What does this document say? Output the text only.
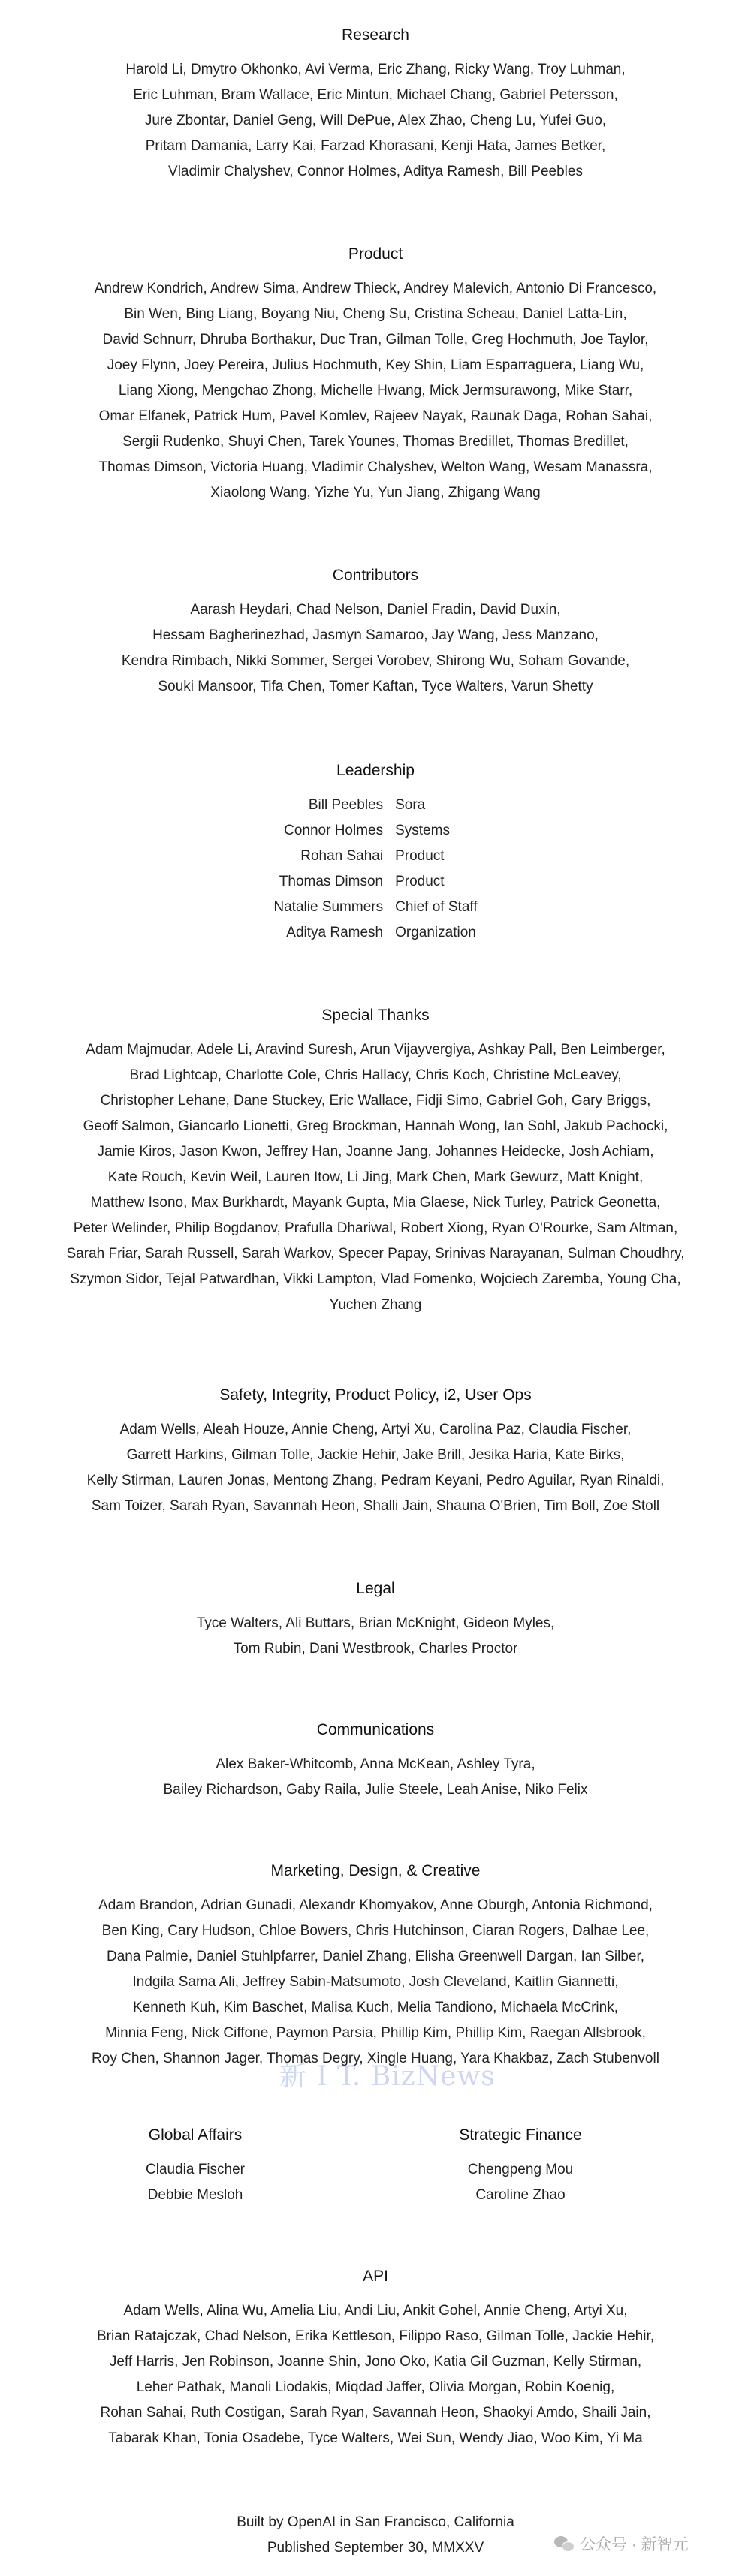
Research
Harold Li, Dmytro Okhonko, Avi Verma, Eric Zhang, Ricky Wang, Troy Luhman,
Eric Luhman, Bram Wallace, Eric Mintun, Michael Chang, Gabriel Petersson,
Jure Zbontar, Daniel Geng, Will DePue, Alex Zhao, Cheng Lu, Yufei Guo,
Pritam Damania, Larry Kai, Farzad Khorasani, Kenji Hata, James Betker,
Vladimir Chalyshev, Connor Holmes, Aditya Ramesh, Bill Peebles
Product
Andrew Kondrich, Andrew Sima, Andrew Thieck, Andrey Malevich, Antonio Di Francesco,
Bin Wen, Bing Liang, Boyang Niu, Cheng Su, Cristina Scheau, Daniel Latta-Lin,
David Schnurr, Dhruba Borthakur, Duc Tran, Gilman Tolle, Greg Hochmuth, Joe Taylor,
Joey Flynn, Joey Pereira, Julius Hochmuth, Key Shin, Liam Esparraguera, Liang Wu,
Liang Xiong, Mengchao Zhong, Michelle Hwang, Mick Jermsurawong, Mike Starr,
Omar Elfanek, Patrick Hum, Pavel Komlev, Rajeev Nayak, Raunak Daga, Rohan Sahai,
Sergii Rudenko, Shuyi Chen, Tarek Younes, Thomas Bredillet, Thomas Bredillet,
Thomas Dimson, Victoria Huang, Vladimir Chalyshev, Welton Wang, Wesam Manassra,
Xiaolong Wang, Yizhe Yu, Yun Jiang, Zhigang Wang
Contributors
Aarash Heydari, Chad Nelson, Daniel Fradin, David Duxin,
Hessam Bagherinezhad, Jasmyn Samaroo, Jay Wang, Jess Manzano,
Kendra Rimbach, Nikki Sommer, Sergei Vorobev, Shirong Wu, Soham Govande,
Souki Mansoor, Tifa Chen, Tomer Kaftan, Tyce Walters, Varun Shetty
Leadership
Bill Peebles	Sora
Connor Holmes	Systems
Rohan Sahai	Product
Thomas Dimson	Product
Natalie Summers	Chief of Staff
Aditya Ramesh	Organization
Special Thanks
Adam Majmudar, Adele Li, Aravind Suresh, Arun Vijayvergiya, Ashkay Pall, Ben Leimberger,
Brad Lightcap, Charlotte Cole, Chris Hallacy, Chris Koch, Christine McLeavey,
Christopher Lehane, Dane Stuckey, Eric Wallace, Fidji Simo, Gabriel Goh, Gary Briggs,
Geoff Salmon, Giancarlo Lionetti, Greg Brockman, Hannah Wong, Ian Sohl, Jakub Pachocki,
Jamie Kiros, Jason Kwon, Jeffrey Han, Joanne Jang, Johannes Heidecke, Josh Achiam,
Kate Rouch, Kevin Weil, Lauren Itow, Li Jing, Mark Chen, Mark Gewurz, Matt Knight,
Matthew Isono, Max Burkhardt, Mayank Gupta, Mia Glaese, Nick Turley, Patrick Geonetta,
Peter Welinder, Philip Bogdanov, Prafulla Dhariwal, Robert Xiong, Ryan O'Rourke, Sam Altman,
Sarah Friar, Sarah Russell, Sarah Warkov, Specer Papay, Srinivas Narayanan, Sulman Choudhry,
Szymon Sidor, Tejal Patwardhan, Vikki Lampton, Vlad Fomenko, Wojciech Zaremba, Young Cha,
Yuchen Zhang
Safety, Integrity, Product Policy, i2, User Ops
Adam Wells, Aleah Houze, Annie Cheng, Artyi Xu, Carolina Paz, Claudia Fischer,
Garrett Harkins, Gilman Tolle, Jackie Hehir, Jake Brill, Jesika Haria, Kate Birks,
Kelly Stirman, Lauren Jonas, Mentong Zhang, Pedram Keyani, Pedro Aguilar, Ryan Rinaldi,
Sam Toizer, Sarah Ryan, Savannah Heon, Shalli Jain, Shauna O'Brien, Tim Boll, Zoe Stoll
Legal
Tyce Walters, Ali Buttars, Brian McKnight, Gideon Myles,
Tom Rubin, Dani Westbrook, Charles Proctor
Communications
Alex Baker-Whitcomb, Anna McKean, Ashley Tyra,
Bailey Richardson, Gaby Raila, Julie Steele, Leah Anise, Niko Felix
Marketing, Design, & Creative
Adam Brandon, Adrian Gunadi, Alexandr Khomyakov, Anne Oburgh, Antonia Richmond,
Ben King, Cary Hudson, Chloe Bowers, Chris Hutchinson, Ciaran Rogers, Dalhae Lee,
Dana Palmie, Daniel Stuhlpfarrer, Daniel Zhang, Elisha Greenwell Dargan, Ian Silber,
Indgila Sama Ali, Jeffrey Sabin-Matsumoto, Josh Cleveland, Kaitlin Giannetti,
Kenneth Kuh, Kim Baschet, Malisa Kuch, Melia Tandiono, Michaela McCrink,
Minnia Feng, Nick Ciffone, Paymon Parsia, Phillip Kim, Phillip Kim, Raegan Allsbrook,
Roy Chen, Shannon Jager, Thomas Degry, Xingle Huang, Yara Khakbaz, Zach Stubenvoll
新 I T. BizNews
Global Affairs
Claudia Fischer
Debbie Mesloh
Strategic Finance
Chengpeng Mou
Caroline Zhao
API
Adam Wells, Alina Wu, Amelia Liu, Andi Liu, Ankit Gohel, Annie Cheng, Artyi Xu,
Brian Ratajczak, Chad Nelson, Erika Kettleson, Filippo Raso, Gilman Tolle, Jackie Hehir,
Jeff Harris, Jen Robinson, Joanne Shin, Jono Oko, Katia Gil Guzman, Kelly Stirman,
Leher Pathak, Manoli Liodakis, Miqdad Jaffer, Olivia Morgan, Robin Koenig,
Rohan Sahai, Ruth Costigan, Sarah Ryan, Savannah Heon, Shaokyi Amdo, Shaili Jain,
Tabarak Khan, Tonia Osadebe, Tyce Walters, Wei Sun, Wendy Jiao, Woo Kim, Yi Ma
Built by OpenAI in San Francisco, California
Published September 30, MMXXV	公众号 · 新智元
